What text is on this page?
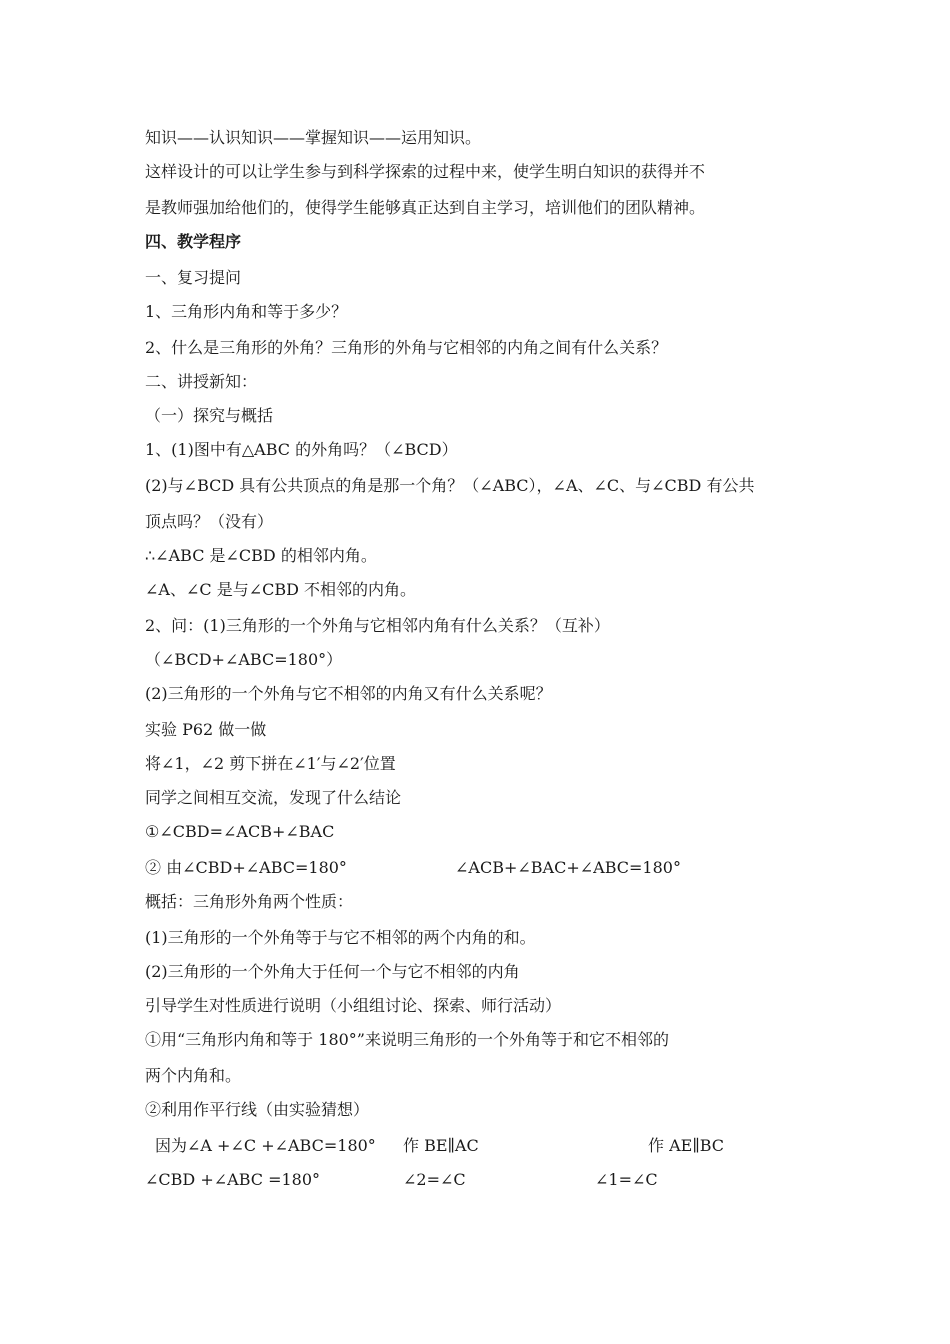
知识——认识知识——掌握知识——运用知识。
这样设计的可以让学生参与到科学探索的过程中来，使学生明白知识的获得并不
是教师强加给他们的，使得学生能够真正达到自主学习，培训他们的团队精神。
四、教学程序
一、复习提问
1、三角形内角和等于多少？
2、什么是三角形的外角？三角形的外角与它相邻的内角之间有什么关系？
二、讲授新知：
（一）探究与概括
1、(1)图中有△ABC 的外角吗？（∠BCD）
(2)与∠BCD 具有公共顶点的角是那一个角？（∠ABC），∠A、∠C、与∠CBD 有公共
顶点吗？（没有）
∴∠ABC 是∠CBD 的相邻内角。
∠A、∠C 是与∠CBD 不相邻的内角。
2、问：(1)三角形的一个外角与它相邻内角有什么关系？（互补）
（∠BCD+∠ABC=180°）
(2)三角形的一个外角与它不相邻的内角又有什么关系呢？
实验 P62 做一做
将∠1，∠2 剪下拼在∠1′与∠2′位置
同学之间相互交流，发现了什么结论
①∠CBD=∠ACB+∠BAC
② 由∠CBD+∠ABC=180°	∠ACB+∠BAC+∠ABC=180°
概括：三角形外角两个性质：
(1)三角形的一个外角等于与它不相邻的两个内角的和。
(2)三角形的一个外角大于任何一个与它不相邻的内角
引导学生对性质进行说明（小组组讨论、探索、师行活动）
①用“三角形内角和等于 180°”来说明三角形的一个外角等于和它不相邻的
两个内角和。
②利用作平行线（由实验猜想）
因为∠A +∠C +∠ABC=180° 作 BE∥AC	作 AE∥BC
∠CBD +∠ABC =180°	∠2=∠C	∠1=∠C
